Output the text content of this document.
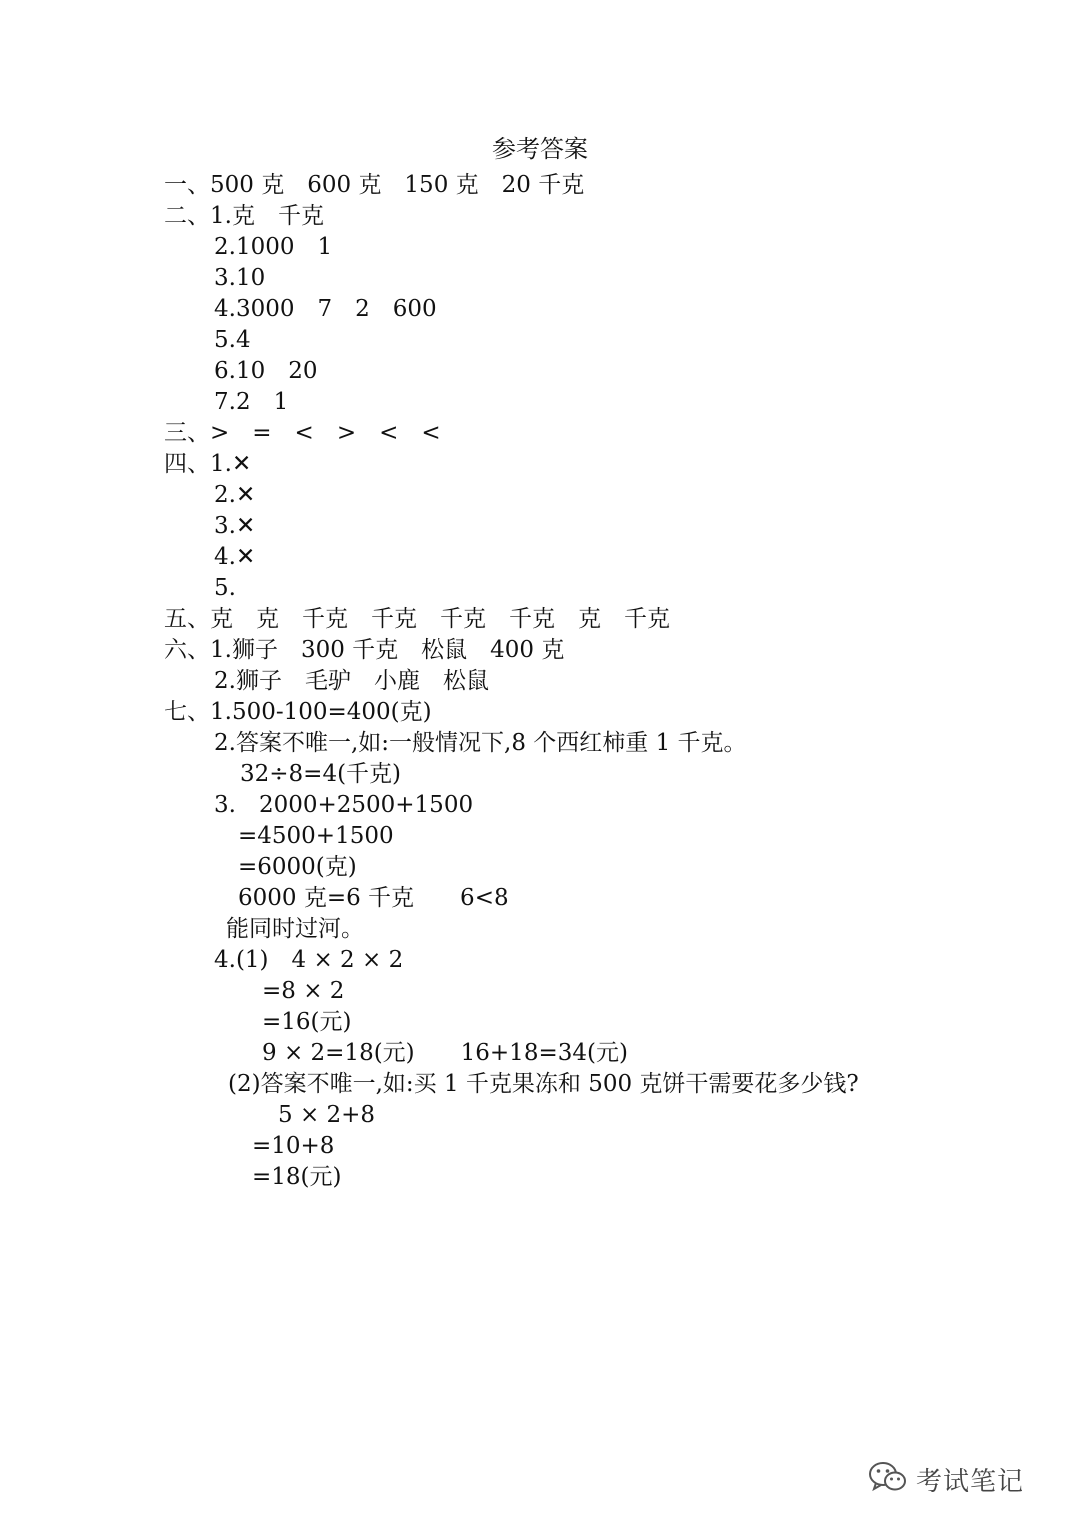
参考答案
一、500 克　600 克　150 克　20 千克
二、1.克　千克
2.1000　1
3.10
4.3000　7　2　600
5.4
6.10　20
7.2　1
三、>　=　<　>　<　<
四、1.✕
2.✕
3.✕
4.✕
5.
五、克　克　千克　千克　千克　千克　克　千克
六、1.狮子　300 千克　松鼠　400 克
2.狮子　毛驴　小鹿　松鼠
七、1.500-100=400(克)
2.答案不唯一,如:一般情况下,8 个西红柿重 1 千克。
32÷8=4(千克)
3.　2000+2500+1500
=4500+1500
=6000(克)
6000 克=6 千克　　6<8
能同时过河。
4.(1)　4 × 2 × 2
=8 × 2
=16(元)
9 × 2=18(元)　　16+18=34(元)
(2)答案不唯一,如:买 1 千克果冻和 500 克饼干需要花多少钱?
5 × 2+8
=10+8
=18(元)
考试笔记
